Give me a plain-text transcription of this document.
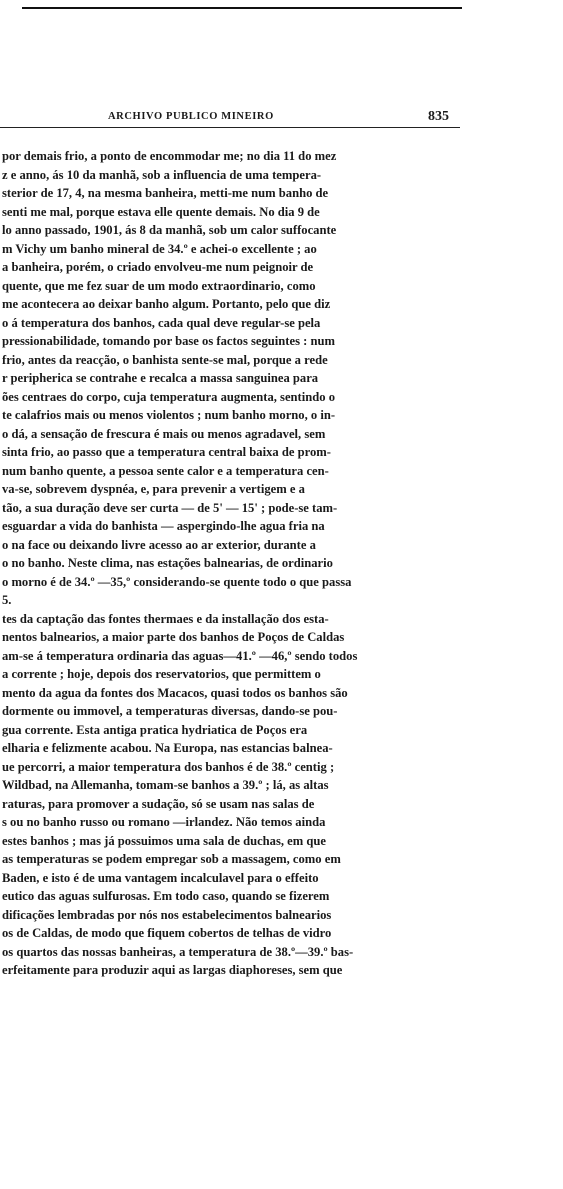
ARCHIVO PUBLICO MINEIRO	835
por demais frio, a ponto de encommodar me; no dia 11 do mez
z e anno, ás 10 da manhã, sob a influencia de uma tempera-
sterior de 17, 4, na mesma banheira, metti-me num banho de
senti me mal, porque estava elle quente demais. No dia 9 de
lo anno passado, 1901, ás 8 da manhã, sob um calor suffocante
m Vichy um banho mineral de 34.º e achei-o excellente ; ao
a banheira, porém, o criado envolveu-me num peignoir de
quente, que me fez suar de um modo extraordinario, como
me acontecera ao deixar banho algum. Portanto, pelo que diz
o á temperatura dos banhos, cada qual deve regular-se pela
pressionabilidade, tomando por base os factos seguintes : num
frio, antes da reacção, o banhista sente-se mal, porque a rede
r peripherica se contrahe e recalca a massa sanguinea para
ões centraes do corpo, cuja temperatura augmenta, sentindo o
te calafrios mais ou menos violentos ; num banho morno, o in-
o dá, a sensação de frescura é mais ou menos agradavel, sem
sinta frio, ao passo que a temperatura central baixa de prom-
num banho quente, a pessoa sente calor e a temperatura cen-
va-se, sobrevem dyspnéa, e, para prevenir a vertigem e a
tão, a sua duração deve ser curta — de 5' — 15' ; pode-se tam-
esguardar a vida do banhista — aspergindo-lhe agua fria na
o na face ou deixando livre acesso ao ar exterior, durante a
o no banho. Neste clima, nas estações balnearias, de ordinario
o morno é de 34.º —35,º considerando-se quente todo o que passa
5.
tes da captação das fontes thermaes e da installação dos esta-
nentos balnearios, a maior parte dos banhos de Poços de Caldas
am-se á temperatura ordinaria das aguas—41.º —46,º sendo todos
a corrente ; hoje, depois dos reservatorios, que permittem o
mento da agua da fontes dos Macacos, quasi todos os banhos são
dormente ou immovel, a temperaturas diversas, dando-se pou-
gua corrente. Esta antiga pratica hydriatica de Poços era
elharia e felizmente acabou. Na Europa, nas estancias balnea-
ue percorri, a maior temperatura dos banhos é de 38.º centig ;
Wildbad, na Allemanha, tomam-se banhos a 39.º ; lá, as altas
raturas, para promover a sudação, só se usam nas salas de
s ou no banho russo ou romano —irlandez. Não temos ainda
estes banhos ; mas já possuimos uma sala de duchas, em que
as temperaturas se podem empregar sob a massagem, como em
Baden, e isto é de uma vantagem incalculavel para o effeito
eutico das aguas sulfurosas. Em todo caso, quando se fizerem
dificações lembradas por nós nos estabelecimentos balnearios
os de Caldas, de modo que fiquem cobertos de telhas de vidro
os quartos das nossas banheiras, a temperatura de 38.º—39.º bas-
erfeitamente para produzir aqui as largas diaphoreses, sem que
